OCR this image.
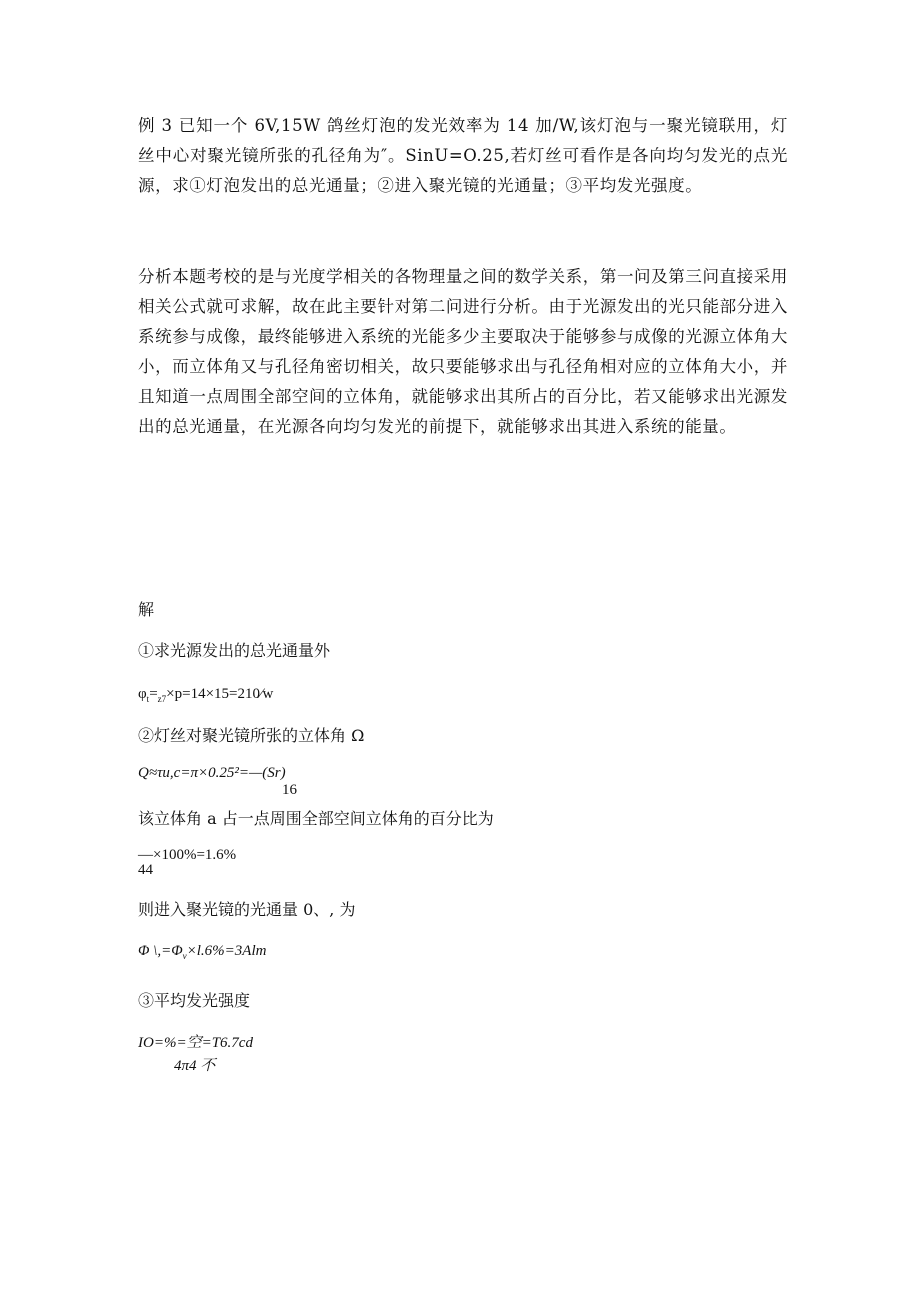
例 3 已知一个 6V,15W 鸽丝灯泡的发光效率为 14 加/W,该灯泡与一聚光镜联用，灯丝中心对聚光镜所张的孔径角为″。SinU=O.25,若灯丝可看作是各向均匀发光的点光源，求①灯泡发出的总光通量；②进入聚光镜的光通量；③平均发光强度。

分析本题考校的是与光度学相关的各物理量之间的数学关系，第一问及第三问直接采用相关公式就可求解，故在此主要针对第二问进行分析。由于光源发出的光只能部分进入系统参与成像，最终能够进入系统的光能多少主要取决于能够参与成像的光源立体角大小，而立体角又与孔径角密切相关，故只要能够求出与孔径角相对应的立体角大小，并且知道一点周围全部空间的立体角，就能够求出其所占的百分比，若又能够求出光源发出的总光通量，在光源各向均匀发光的前提下，就能够求出其进入系统的能量。

解

①求光源发出的总光通量外

$\varphi_t=_{z7}\times p=14\times 15=210⁄w$

②灯丝对聚光镜所张的立体角 Ω

Q≈τu,c=π×0.25²=—(Sr)

16

该立体角 a 占一点周围全部空间立体角的百分比为

—×100%=1.6%

44

则进入聚光镜的光通量 0、, 为

Φ $\backslash,=\Phi_v\times l.6\%=3Alm$

③平均发光强度

IO=%=空=T6.7cd

4π4 不
